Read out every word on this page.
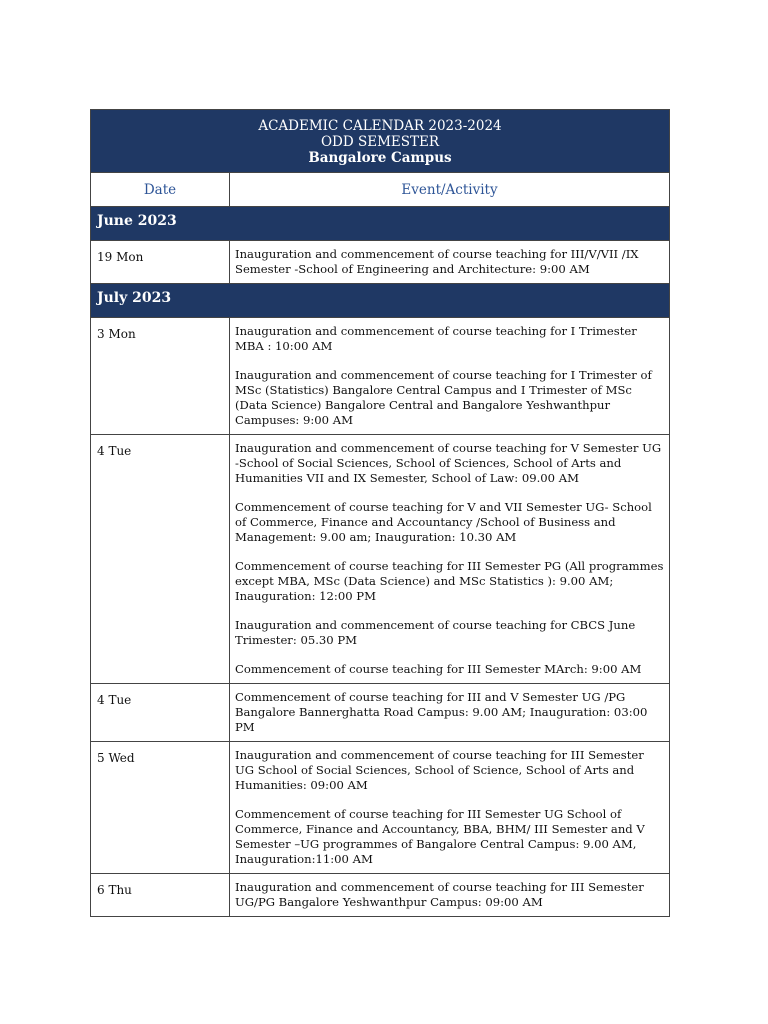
ACADEMIC CALENDAR 2023-2024
ODD SEMESTER
Bangalore Campus	

Date	Event/Activity
June 2023	
19 Mon	Inauguration and commencement of course teaching for III/V/VII /IX Semester -School of Engineering and Architecture: 9:00 AM

July 2023	
3 Mon	Inauguration and commencement of course teaching for I Trimester MBA : 10:00 AM

Inauguration and commencement of course teaching for I Trimester of MSc (Statistics) Bangalore Central Campus and I Trimester of MSc (Data Science) Bangalore Central and Bangalore Yeshwanthpur Campuses: 9:00 AM

4 Tue	Inauguration and commencement of course teaching for V Semester UG -School of Social Sciences, School of Sciences, School of Arts and Humanities VII and IX Semester, School of Law: 09.00 AM

Commencement of course teaching for V and VII Semester UG- School of Commerce, Finance and Accountancy /School of Business and Management: 9.00 am; Inauguration: 10.30 AM

Commencement of course teaching for III Semester PG (All programmes except MBA, MSc (Data Science) and MSc Statistics ): 9.00 AM; Inauguration: 12:00 PM

Inauguration and commencement of course teaching for CBCS June Trimester: 05.30 PM

Commencement of course teaching for III Semester MArch: 9:00 AM

4 Tue	Commencement of course teaching for III and V Semester UG /PG Bangalore Bannerghatta Road Campus: 9.00 AM; Inauguration: 03:00 PM

5 Wed	Inauguration and commencement of course teaching for III Semester UG School of Social Sciences, School of Science, School of Arts and Humanities: 09:00 AM

Commencement of course teaching for III Semester UG School of Commerce, Finance and Accountancy, BBA, BHM/ III Semester and V Semester –UG programmes of Bangalore Central Campus: 9.00 AM, Inauguration:11:00 AM

6 Thu	Inauguration and commencement of course teaching for III Semester UG/PG Bangalore Yeshwanthpur Campus: 09:00 AM
